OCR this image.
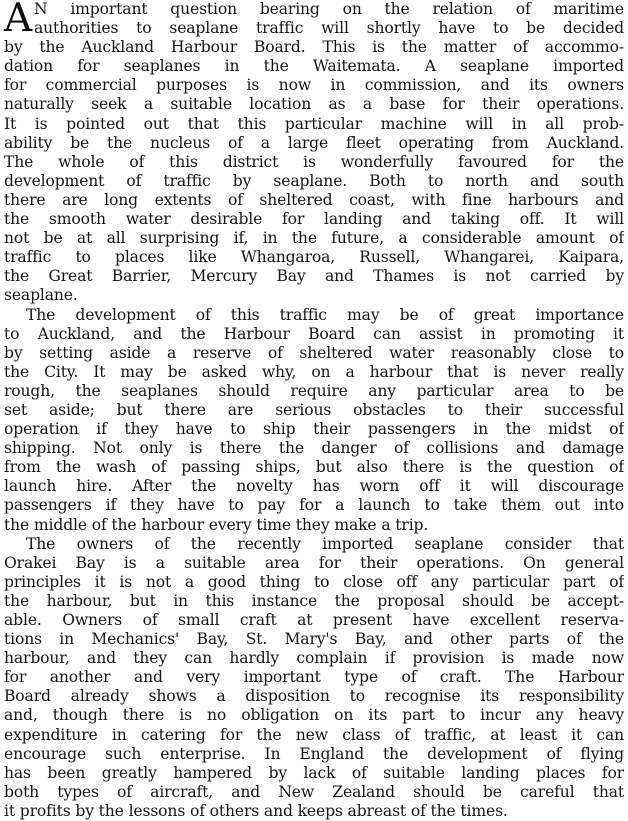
A N important question bearing on the relation of maritime
authorities to seaplane traffic will shortly have to be decided
by the Auckland Harbour Board. This is the matter of accommo-
dation for seaplanes in the Waitemata. A seaplane imported
for commercial purposes is now in commission, and its owners
naturally seek a suitable location as a base for their operations.
It is pointed out that this particular machine will in all prob-
ability be the nucleus of a large fleet operating from Auckland.
The whole of this district is wonderfully favoured for the
development of traffic by seaplane. Both to north and south
there are long extents of sheltered coast, with fine harbours and
the smooth water desirable for landing and taking off. It will
not be at all surprising if, in the future, a considerable amount of
traffic to places like Whangaroa, Russell, Whangarei, Kaipara,
the Great Barrier, Mercury Bay and Thames is not carried by
seaplane.

The development of this traffic may be of great importance
to Auckland, and the Harbour Board can assist in promoting it
by setting aside a reserve of sheltered water reasonably close to
the City. It may be asked why, on a harbour that is never really
rough, the seaplanes should require any particular area to be
set aside; but there are serious obstacles to their successful
operation if they have to ship their passengers in the midst of
shipping. Not only is there the danger of collisions and damage
from the wash of passing ships, but also there is the question of
launch hire. After the novelty has worn off it will discourage
passengers if they have to pay for a launch to take them out into
the middle of the harbour every time they make a trip.

The owners of the recently imported seaplane consider that
Orakei Bay is a suitable area for their operations. On general
principles it is not a good thing to close off any particular part of
the harbour, but in this instance the proposal should be accept-
able. Owners of small craft at present have excellent reserva-
tions in Mechanics' Bay, St. Mary's Bay, and other parts of the
harbour, and they can hardly complain if provision is made now
for another and very important type of craft. The Harbour
Board already shows a disposition to recognise its responsibility
and, though there is no obligation on its part to incur any heavy
expenditure in catering for the new class of traffic, at least it can
encourage such enterprise. In England the development of flying
has been greatly hampered by lack of suitable landing places for
both types of aircraft, and New Zealand should be careful that
it profits by the lessons of others and keeps abreast of the times.
